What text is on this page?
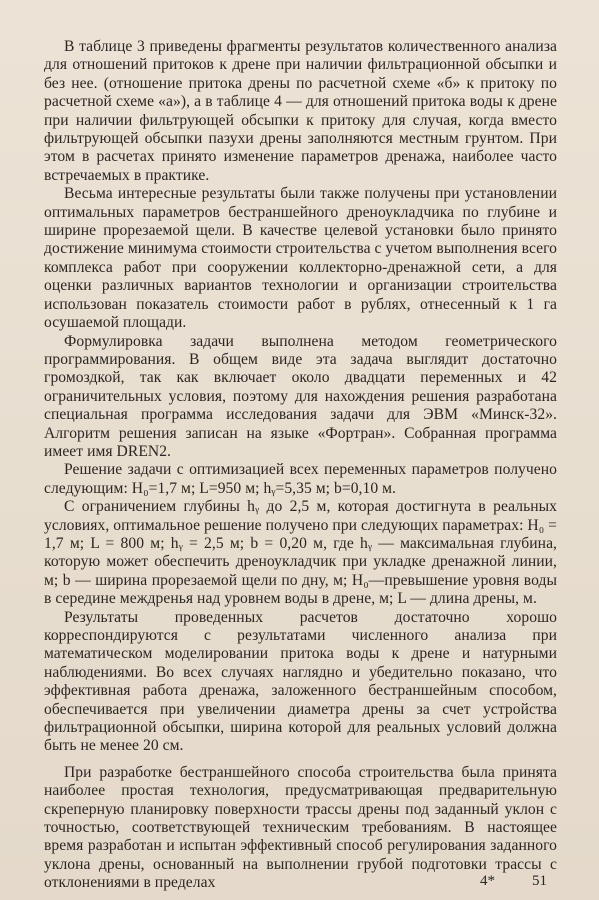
В таблице 3 приведены фрагменты результатов количественного анализа для отношений притоков к дрене при наличии фильтрационной обсыпки и без нее. (отношение притока дрены по расчетной схеме «б» к притоку по расчетной схеме «а»), а в таблице 4 — для отношений притока воды к дрене при наличии фильтрующей обсыпки к притоку для случая, когда вместо фильтрующей обсыпки пазухи дрены заполняются местным грунтом. При этом в расчетах принято изменение параметров дренажа, наиболее часто встречаемых в практике.

Весьма интересные результаты были также получены при установлении оптимальных параметров бестраншейного дреноукладчика по глубине и ширине прорезаемой щели. В качестве целевой установки было принято достижение минимума стоимости строительства с учетом выполнения всего комплекса работ при сооружении коллекторно-дренажной сети, а для оценки различных вариантов технологии и организации строительства использован показатель стоимости работ в рублях, отнесенный к 1 га осушаемой площади.

Формулировка задачи выполнена методом геометрического программирования. В общем виде эта задача выглядит достаточно громоздкой, так как включает около двадцати переменных и 42 ограничительных условия, поэтому для нахождения решения разработана специальная программа исследования задачи для ЭВМ «Минск-32». Алгоритм решения записан на языке «Фортран». Собранная программа имеет имя DREN2.

Решение задачи с оптимизацией всех переменных параметров получено следующим: H₀=1,7 м; L=950 м; hᵧ=5,35 м; b=0,10 м.

С ограничением глубины hᵧ до 2,5 м, которая достигнута в реальных условиях, оптимальное решение получено при следующих параметрах: H₀ = 1,7 м; L = 800 м; hᵧ = 2,5 м; b = 0,20 м, где hᵧ — максимальная глубина, которую может обеспечить дреноукладчик при укладке дренажной линии, м; b — ширина прорезаемой щели по дну, м; H₀—превышение уровня воды в середине междренья над уровнем воды в дрене, м; L — длина дрены, м.

Результаты проведенных расчетов достаточно хорошо корреспондируются с результатами численного анализа при математическом моделировании притока воды к дрене и натурными наблюдениями. Во всех случаях наглядно и убедительно показано, что эффективная работа дренажа, заложенного бестраншейным способом, обеспечивается при увеличении диаметра дрены за счет устройства фильтрационной обсыпки, ширина которой для реальных условий должна быть не менее 20 см.

При разработке бестраншейного способа строительства была принята наиболее простая технология, предусматривающая предварительную скреперную планировку поверхности трассы дрены под заданный уклон с точностью, соответствующей техническим требованиям. В настоящее время разработан и испытан эффективный способ регулирования заданного уклона дрены, основанный на выполнении грубой подготовки трассы с отклонениями в пределах	4* 51
